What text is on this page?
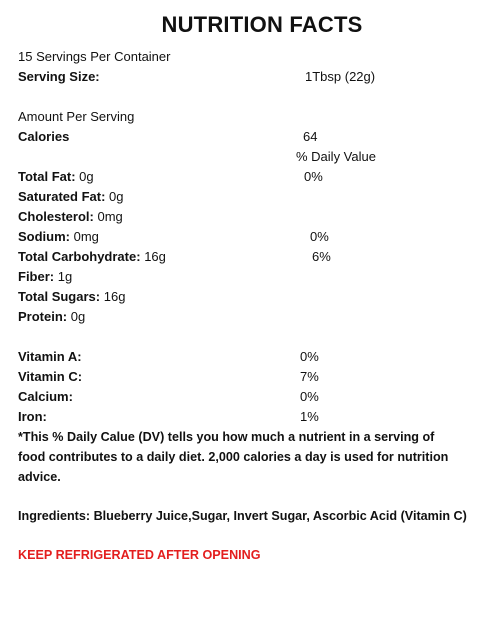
NUTRITION FACTS
15 Servings Per Container
Serving Size:	1Tbsp (22g)
Amount Per Serving
Calories	64
% Daily Value
Total Fat: 0g	0%
Saturated Fat: 0g
Cholesterol: 0mg
Sodium: 0mg	0%
Total Carbohydrate: 16g	6%
Fiber: 1g
Total Sugars: 16g
Protein: 0g
Vitamin A:	0%
Vitamin C:	7%
Calcium:	0%
Iron:	1%
*This % Daily Calue (DV) tells you how much a nutrient in a serving of food contributes to a daily diet. 2,000 calories a day is used for nutrition advice.
Ingredients: Blueberry Juice,Sugar, Invert Sugar, Ascorbic Acid (Vitamin C)
KEEP REFRIGERATED AFTER OPENING
